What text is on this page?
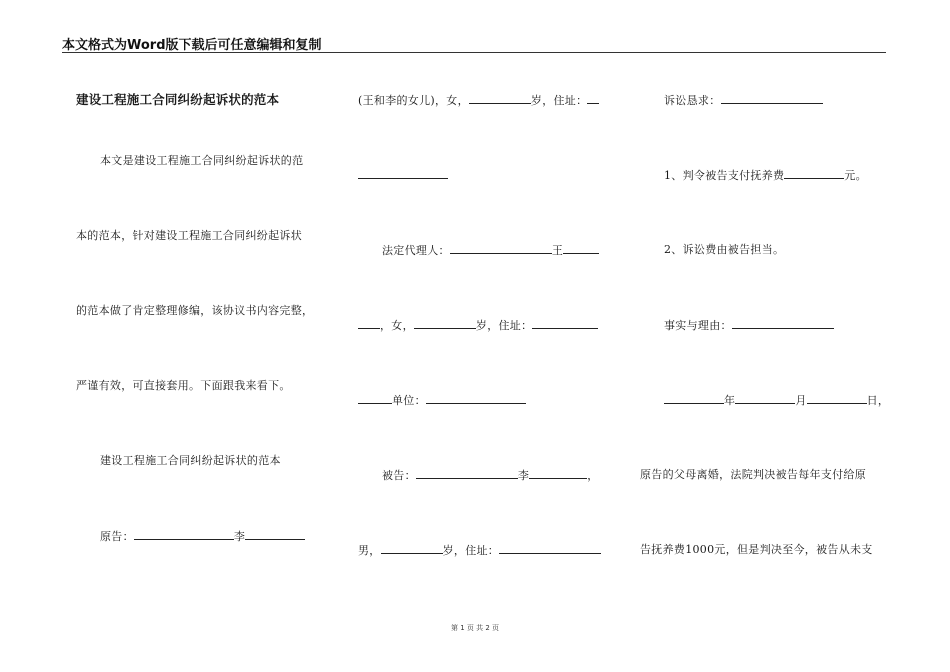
本文格式为Word版下载后可任意编辑和复制
建设工程施工合同纠纷起诉状的范本
本文是建设工程施工合同纠纷起诉状的范
本的范本，针对建设工程施工合同纠纷起诉状
的范本做了肯定整理修编，该协议书内容完整，
严谨有效，可直接套用。下面跟我来看下。
建设工程施工合同纠纷起诉状的范本
原告：	李
(王和李的女儿)，女，	岁，住址：
法定代理人：	王
，女，	岁，住址：
单位：
被告：	李	，
男，	岁，住址：
诉讼恳求：
1、判令被告支付抚养费	元。
2、诉讼费由被告担当。
事实与理由：
年	月	日，
原告的父母离婚，法院判决被告每年支付给原
告抚养费1000元，但是判决至今，被告从未支
第 1 页 共 2 页
